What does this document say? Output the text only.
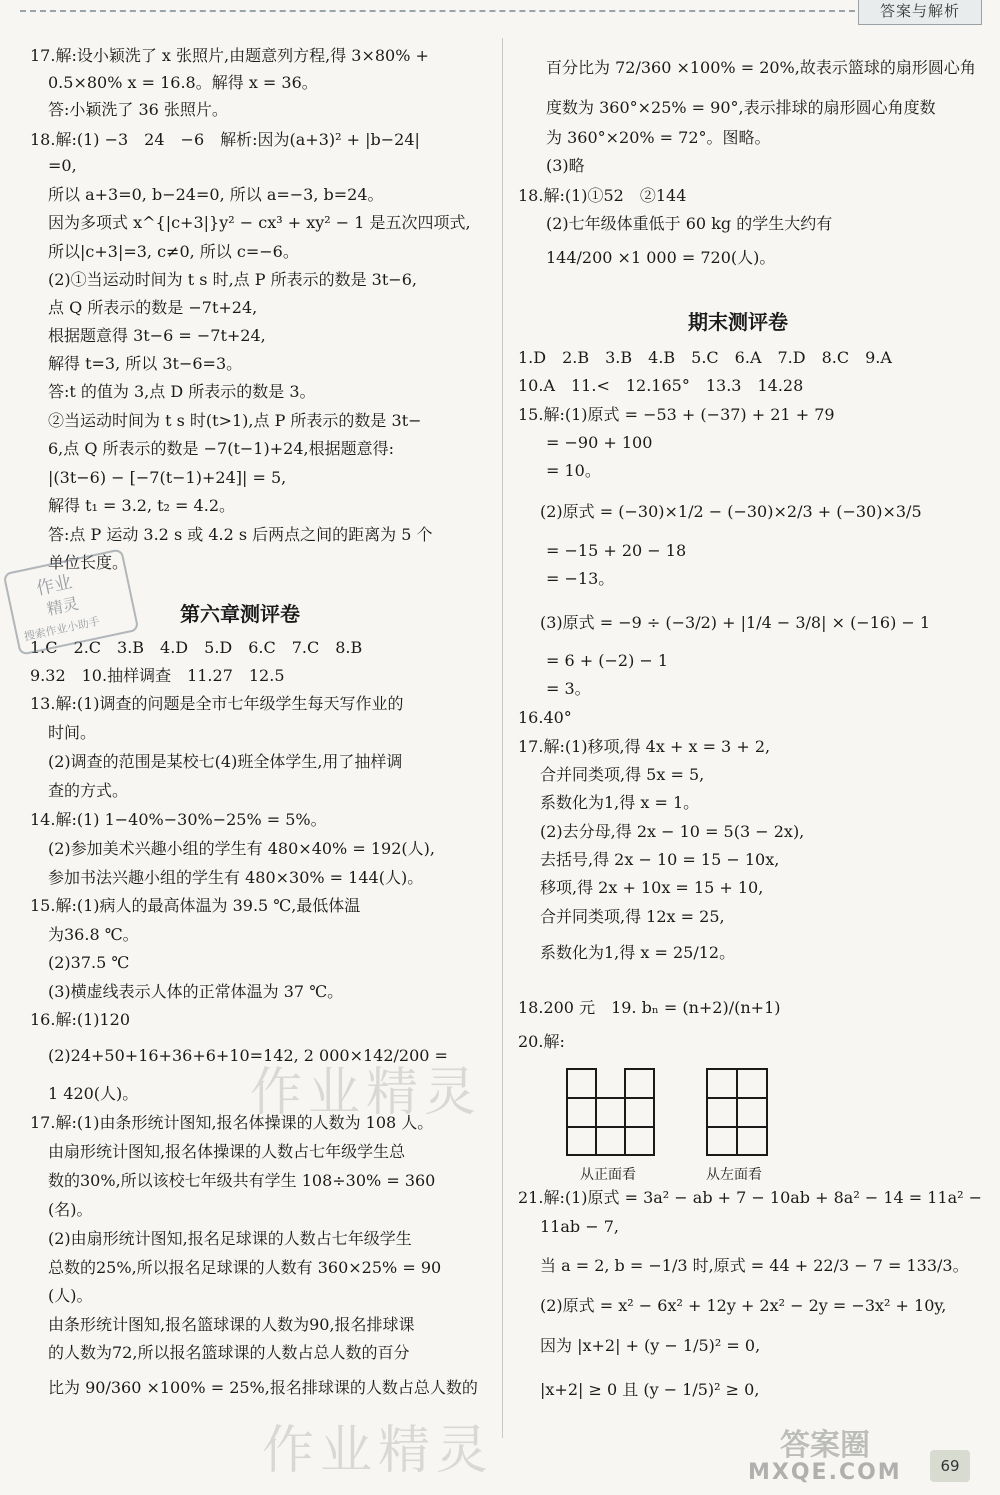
答案与解析
17.解:设小颖洗了 x 张照片,由题意列方程,得 3×80% +
0.5×80% x = 16.8。解得 x = 36。
答:小颖洗了 36 张照片。
18.解:(1) −3　24　−6　解析:因为(a+3)² + |b−24|
=0,
所以 a+3=0, b−24=0, 所以 a=−3, b=24。
因为多项式 x^{|c+3|}y² − cx³ + xy² − 1 是五次四项式,
所以|c+3|=3, c≠0, 所以 c=−6。
(2)①当运动时间为 t s 时,点 P 所表示的数是 3t−6,
点 Q 所表示的数是 −7t+24,
根据题意得 3t−6 = −7t+24,
解得 t=3, 所以 3t−6=3。
答:t 的值为 3,点 D 所表示的数是 3。
②当运动时间为 t s 时(t>1),点 P 所表示的数是 3t−
6,点 Q 所表示的数是 −7(t−1)+24,根据题意得:
|(3t−6) − [−7(t−1)+24]| = 5,
解得 t₁ = 3.2, t₂ = 4.2。
答:点 P 运动 3.2 s 或 4.2 s 后两点之间的距离为 5 个
单位长度。
第六章测评卷
1.C　2.C　3.B　4.D　5.D　6.C　7.C　8.B
9.32　10.抽样调查　11.27　12.5
13.解:(1)调查的问题是全市七年级学生每天写作业的
时间。
(2)调查的范围是某校七(4)班全体学生,用了抽样调
查的方式。
14.解:(1) 1−40%−30%−25% = 5%。
(2)参加美术兴趣小组的学生有 480×40% = 192(人),
参加书法兴趣小组的学生有 480×30% = 144(人)。
15.解:(1)病人的最高体温为 39.5 ℃,最低体温
为36.8 ℃。
(2)37.5 ℃
(3)横虚线表示人体的正常体温为 37 ℃。
16.解:(1)120
(2)24+50+16+36+6+10=142, 2 000×142/200 =
1 420(人)。
17.解:(1)由条形统计图知,报名体操课的人数为 108 人。
由扇形统计图知,报名体操课的人数占七年级学生总
数的30%,所以该校七年级共有学生 108÷30% = 360
(名)。
(2)由扇形统计图知,报名足球课的人数占七年级学生
总数的25%,所以报名足球课的人数有 360×25% = 90
(人)。
由条形统计图知,报名篮球课的人数为90,报名排球课
的人数为72,所以报名篮球课的人数占总人数的百分
比为 90/360 ×100% = 25%,报名排球课的人数占总人数的
百分比为 72/360 ×100% = 20%,故表示篮球的扇形圆心角
度数为 360°×25% = 90°,表示排球的扇形圆心角度数
为 360°×20% = 72°。图略。
(3)略
18.解:(1)①52　②144
(2)七年级体重低于 60 kg 的学生大约有
144/200 ×1 000 = 720(人)。
期末测评卷
1.D　2.B　3.B　4.B　5.C　6.A　7.D　8.C　9.A
10.A　11.<　12.165°　13.3　14.28
15.解:(1)原式 = −53 + (−37) + 21 + 79
= −90 + 100
= 10。
(2)原式 = (−30)×1/2 − (−30)×2/3 + (−30)×3/5
= −15 + 20 − 18
= −13。
(3)原式 = −9 ÷ (−3/2) + |1/4 − 3/8| × (−16) − 1
= 6 + (−2) − 1
= 3。
16.40°
17.解:(1)移项,得 4x + x = 3 + 2,
合并同类项,得 5x = 5,
系数化为1,得 x = 1。
(2)去分母,得 2x − 10 = 5(3 − 2x),
去括号,得 2x − 10 = 15 − 10x,
移项,得 2x + 10x = 15 + 10,
合并同类项,得 12x = 25,
系数化为1,得 x = 25/12。
18.200 元　19. bₙ = (n+2)/(n+1)
20.解:
从正面看	从左面看
21.解:(1)原式 = 3a² − ab + 7 − 10ab + 8a² − 14 = 11a² −
11ab − 7,
当 a = 2, b = −1/3 时,原式 = 44 + 22/3 − 7 = 133/3。
(2)原式 = x² − 6x² + 12y + 2x² − 2y = −3x² + 10y,
因为 |x+2| + (y − 1/5)² = 0,
|x+2| ≥ 0 且 (y − 1/5)² ≥ 0,
作业精灵
作业精灵
作业
精灵
搜索作业小助手
答案圈
MXQE.COM	69
